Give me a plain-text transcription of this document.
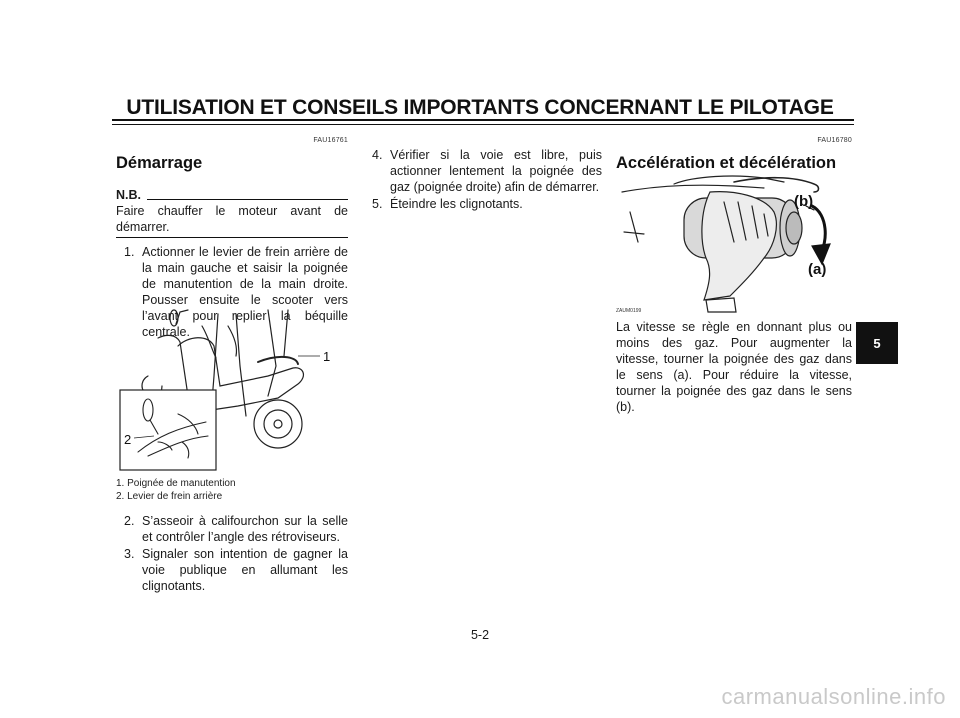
UTILISATION ET CONSEILS IMPORTANTS CONCERNANT LE PILOTAGE
FAU16761
Démarrage
N.B.
Faire chauffer le moteur avant de démarrer.
1. Actionner le levier de frein arrière de la main gauche et saisir la poignée de manutention de la main droite. Pousser ensuite le scooter vers l’avant pour replier la béquille centrale.
1
2
1. Poignée de manutention
2. Levier de frein arrière
2. S’asseoir à califourchon sur la selle et contrôler l’angle des rétroviseurs.
3. Signaler son intention de gagner la voie publique en allumant les clignotants.
4. Vérifier si la voie est libre, puis actionner lentement la poignée des gaz (poignée droite) afin de démarrer.
5. Éteindre les clignotants.
FAU16780
Accélération et décélération
(b)
(a)
ZAUM0199
La vitesse se règle en donnant plus ou moins des gaz. Pour augmenter la vitesse, tourner la poignée des gaz dans le sens (a). Pour réduire la vitesse, tourner la poignée des gaz dans le sens (b).
5-2
5
carmanualsonline.info
